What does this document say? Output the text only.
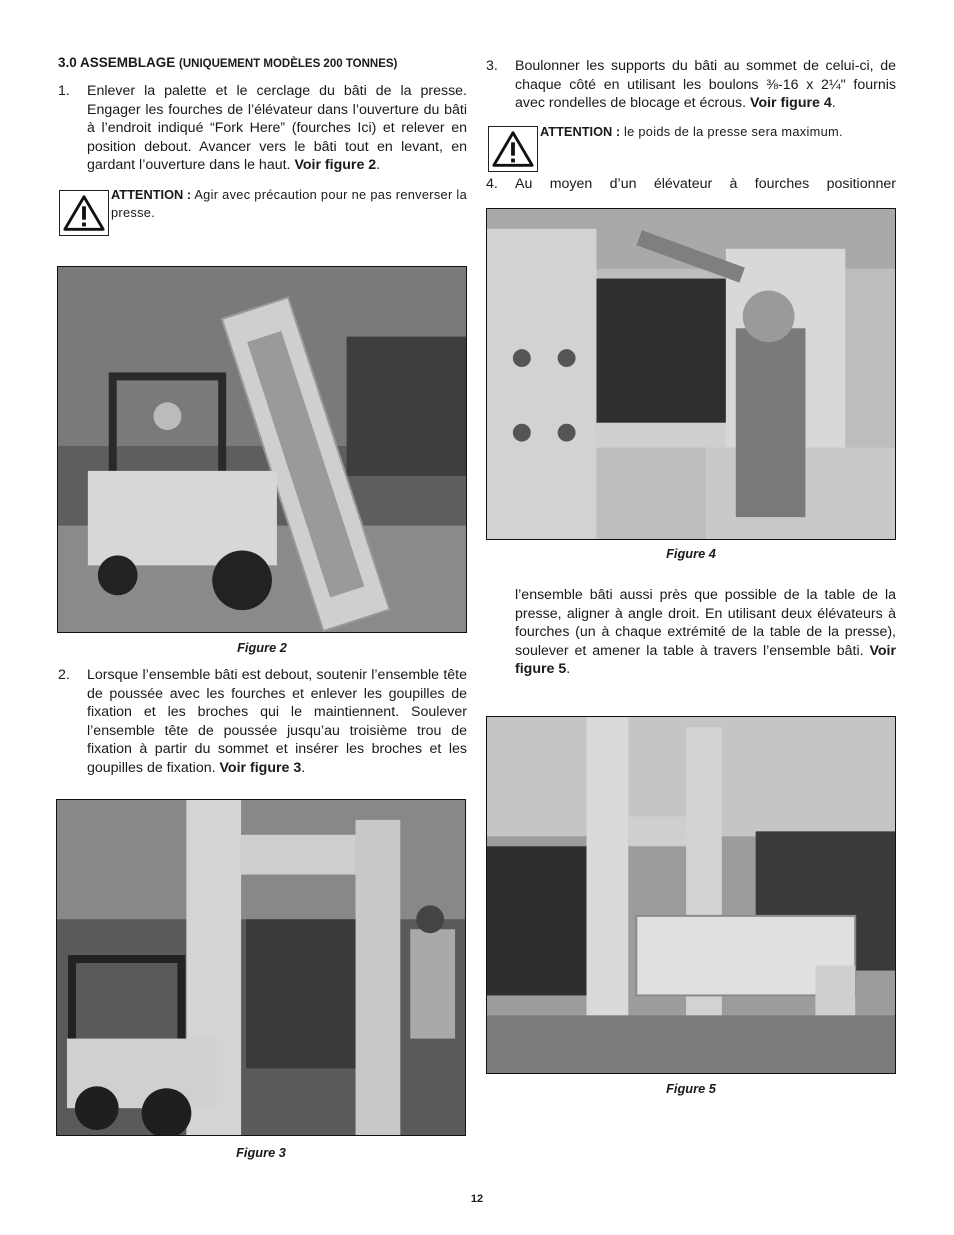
3.0 ASSEMBLAGE (UNIQUEMENT MODÈLES 200 TONNES)
1. Enlever la palette et le cerclage du bâti de la presse. Engager les fourches de l’élévateur dans l’ouverture du bâti à l’endroit indiqué “Fork Here” (fourches Ici) et relever en position debout. Avancer vers le bâti tout en levant, en gardant l’ouverture dans le haut. Voir figure 2.
ATTENTION : Agir avec précaution pour ne pas renverser la presse.
Figure 2
2. Lorsque l’ensemble bâti est debout, soutenir l’ensemble tête de poussée avec les fourches et enlever les goupilles de fixation et les broches qui le maintiennent. Soulever l’ensemble tête de poussée jusqu’au troisième trou de fixation à partir du sommet et insérer les broches et les goupilles de fixation. Voir figure 3.
Figure 3
3. Boulonner les supports du bâti au sommet de celui-ci, de chaque côté en utilisant les boulons ⅜-16 x 2¼" fournis avec rondelles de blocage et écrous. Voir figure 4.
ATTENTION : le poids de la presse sera maximum.
4. Au moyen d’un élévateur à fourches positionner
Figure 4
l’ensemble bâti aussi près que possible de la table de la presse, aligner à angle droit. En utilisant deux élévateurs à fourches (un à chaque extrémité de la table de la presse), soulever et amener la table à travers l’ensemble bâti. Voir figure 5.
Figure 5
12
